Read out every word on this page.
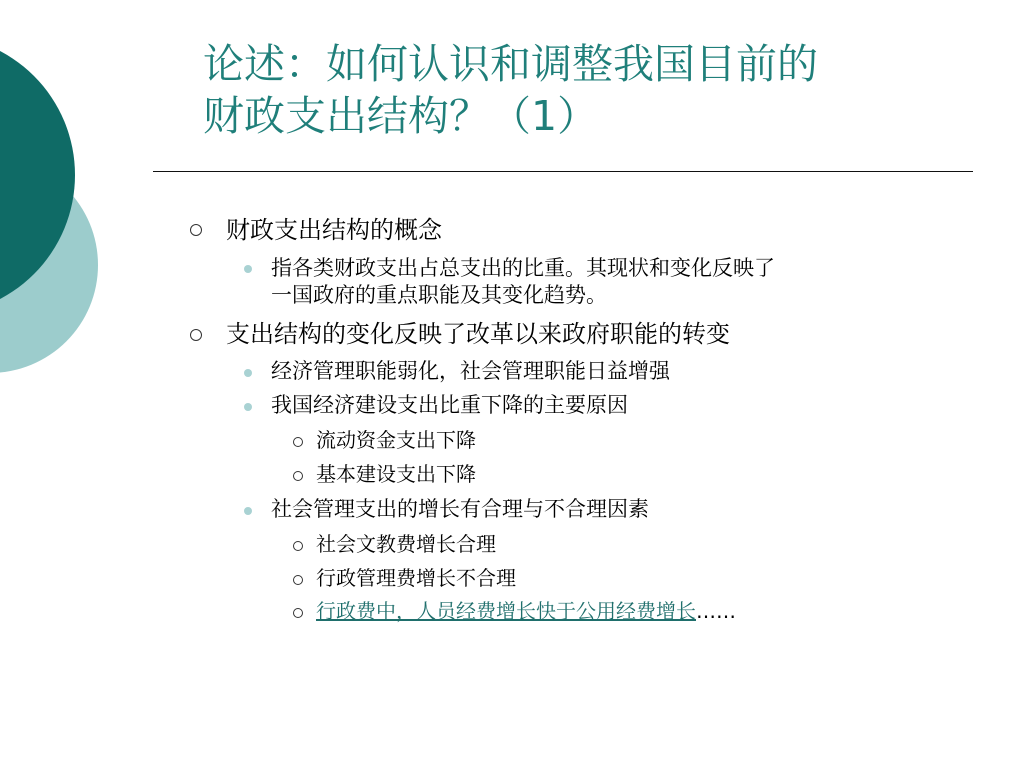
论述：如何认识和调整我国目前的
财政支出结构？（1）
财政支出结构的概念
指各类财政支出占总支出的比重。其现状和变化反映了
一国政府的重点职能及其变化趋势。
支出结构的变化反映了改革以来政府职能的转变
经济管理职能弱化，社会管理职能日益增强
我国经济建设支出比重下降的主要原因
流动资金支出下降
基本建设支出下降
社会管理支出的增长有合理与不合理因素
社会文教费增长合理
行政管理费增长不合理
行政费中，人员经费增长快于公用经费增长……
